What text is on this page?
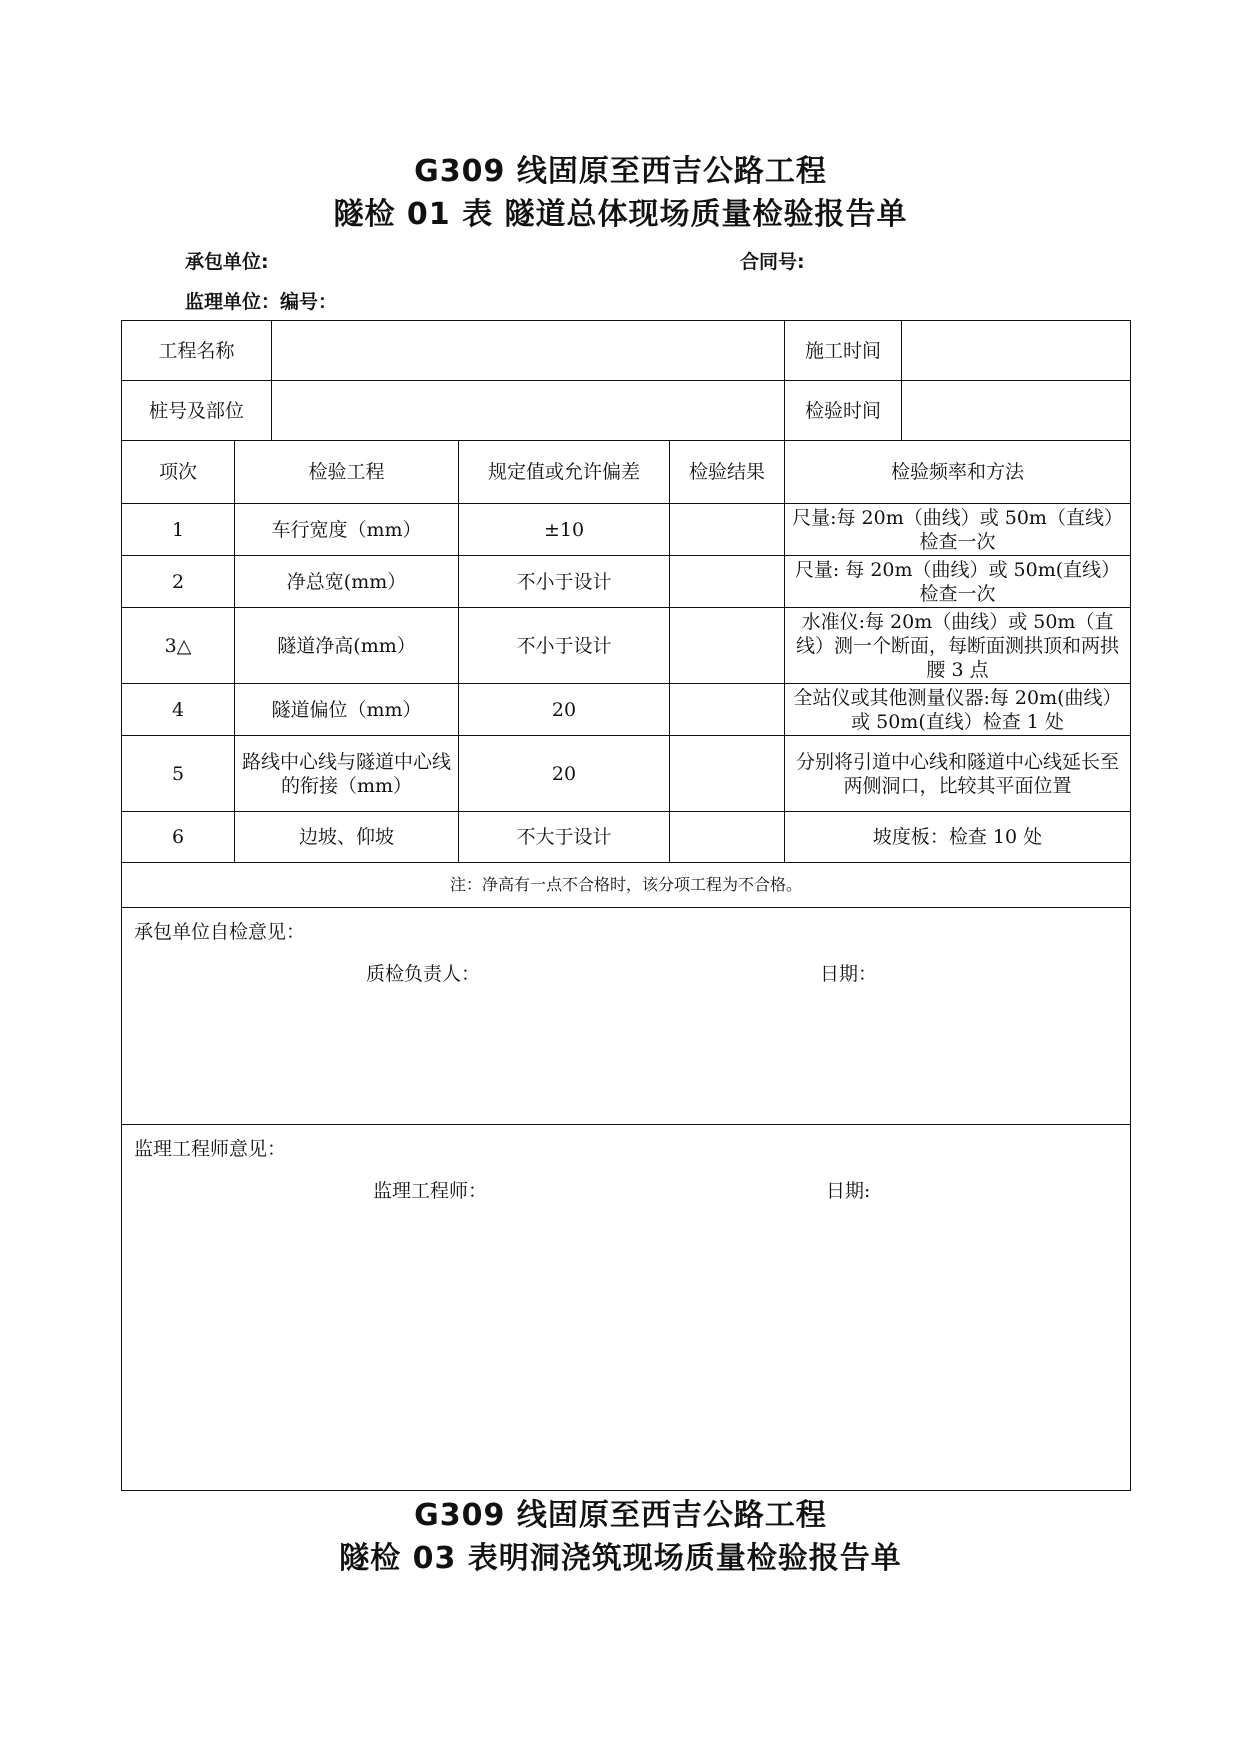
G309 线固原至西吉公路工程
隧检 01 表 隧道总体现场质量检验报告单
承包单位:	合同号:
监理单位：编号：
工程名称					施工时间	
桩号及部位					检验时间	
项次	检验工程		规定值或允许偏差	检验结果	检验频率和方法	
1	车行宽度（mm）		±10		尺量:每 20m（曲线）或 50m（直线）检查一次	
2	净总宽(mm）		不小于设计		尺量: 每 20m（曲线）或 50m(直线）检查一次	
3△	隧道净高(mm）		不小于设计		水准仪:每 20m（曲线）或 50m（直线）测一个断面，每断面测拱顶和两拱腰 3 点	
4	隧道偏位（mm）		20		全站仪或其他测量仪器:每 20m(曲线）或 50m(直线）检查 1 处	
5	路线中心线与隧道中心线的衔接（mm）		20		分别将引道中心线和隧道中心线延长至两侧洞口，比较其平面位置	
6	边坡、仰坡		不大于设计		坡度板：检查 10 处	
注：净高有一点不合格时，该分项工程为不合格。						

承包单位自检意见：
质检负责人： 日期：						

监理工程师意见：
监理工程师： 日期:						
G309 线固原至西吉公路工程
隧检 03 表明洞浇筑现场质量检验报告单
